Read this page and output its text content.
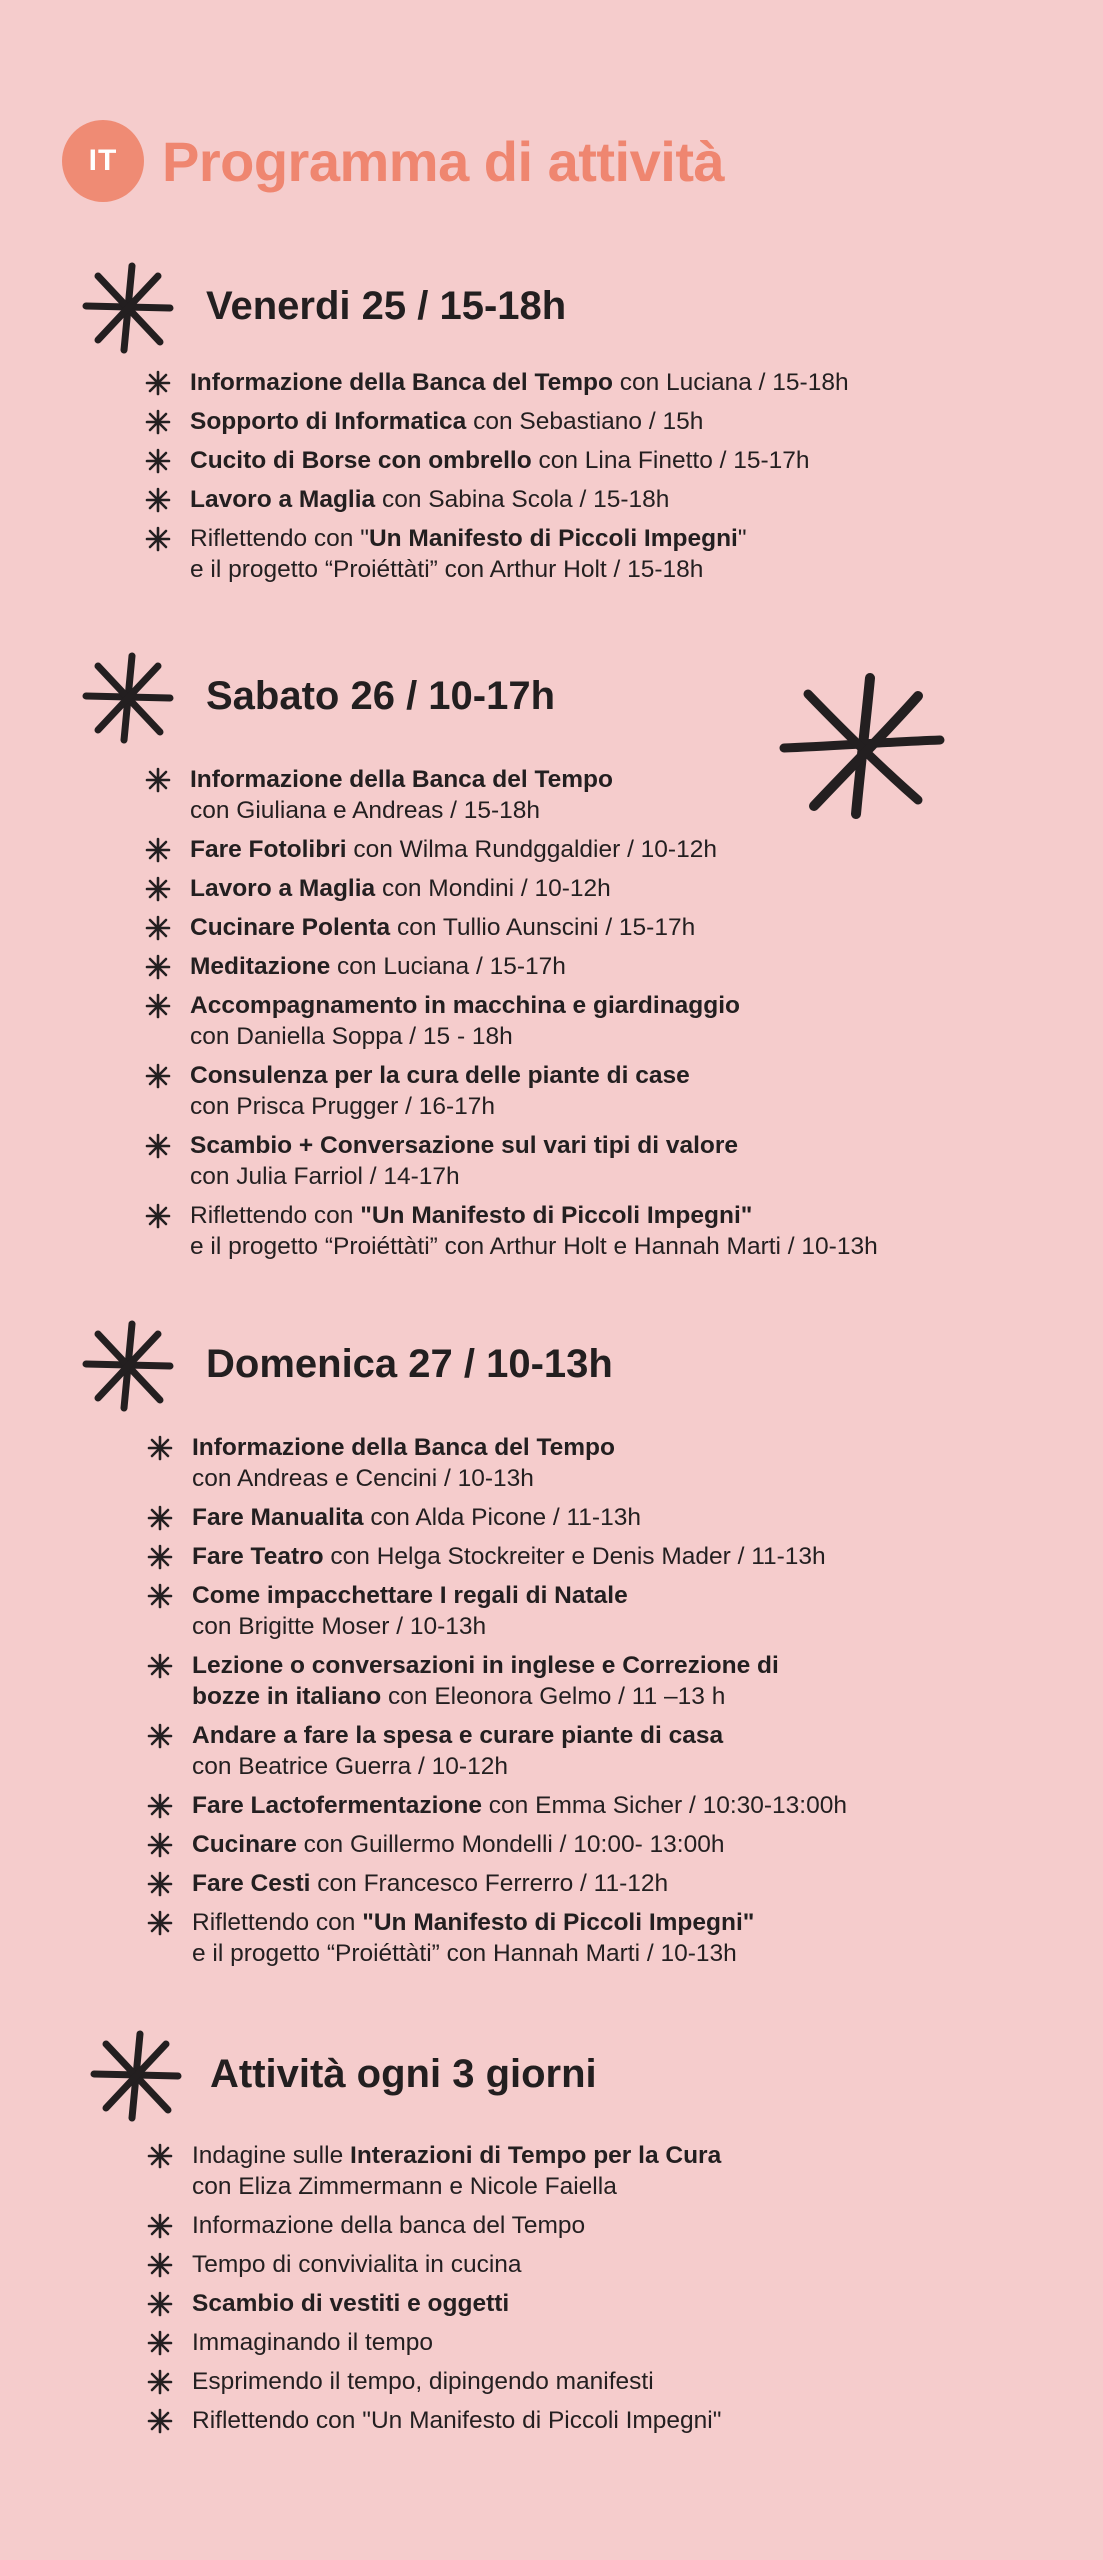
IT Programma di attività
Venerdi 25 / 15-18h
Informazione della Banca del Tempo con Luciana / 15-18h
Sopporto di Informatica con Sebastiano / 15h
Cucito di Borse con ombrello con Lina Finetto / 15-17h
Lavoro a Maglia con Sabina Scola / 15-18h
Riflettendo con "Un Manifesto di Piccoli Impegni"
e il progetto “Proiéttàti” con Arthur Holt / 15-18h
Sabato 26 / 10-17h
Informazione della Banca del Tempo
con Giuliana e Andreas / 15-18h
Fare Fotolibri con Wilma Rundggaldier / 10-12h
Lavoro a Maglia con Mondini / 10-12h
Cucinare Polenta con Tullio Aunscini / 15-17h
Meditazione con Luciana / 15-17h
Accompagnamento in macchina e giardinaggio
con Daniella Soppa / 15 - 18h
Consulenza per la cura delle piante di case
con Prisca Prugger / 16-17h
Scambio + Conversazione sul vari tipi di valore
con Julia Farriol / 14-17h
Riflettendo con "Un Manifesto di Piccoli Impegni"
e il progetto “Proiéttàti” con Arthur Holt e Hannah Marti / 10-13h
Domenica 27 / 10-13h
Informazione della Banca del Tempo
con Andreas e Cencini / 10-13h
Fare Manualita con Alda Picone / 11-13h
Fare Teatro con Helga Stockreiter e Denis Mader / 11-13h
Come impacchettare I regali di Natale
con Brigitte Moser / 10-13h
Lezione o conversazioni in inglese e Correzione di
bozze in italiano con Eleonora Gelmo / 11 –13 h
Andare a fare la spesa e curare piante di casa
con Beatrice Guerra / 10-12h
Fare Lactofermentazione con Emma Sicher / 10:30-13:00h
Cucinare con Guillermo Mondelli / 10:00- 13:00h
Fare Cesti con Francesco Ferrerro / 11-12h
Riflettendo con "Un Manifesto di Piccoli Impegni"
e il progetto “Proiéttàti” con Hannah Marti / 10-13h
Attività ogni 3 giorni
Indagine sulle Interazioni di Tempo per la Cura
con Eliza Zimmermann e Nicole Faiella
Informazione della banca del Tempo
Tempo di convivialita in cucina
Scambio di vestiti e oggetti
Immaginando il tempo
Esprimendo il tempo, dipingendo manifesti
Riflettendo con "Un Manifesto di Piccoli Impegni"
